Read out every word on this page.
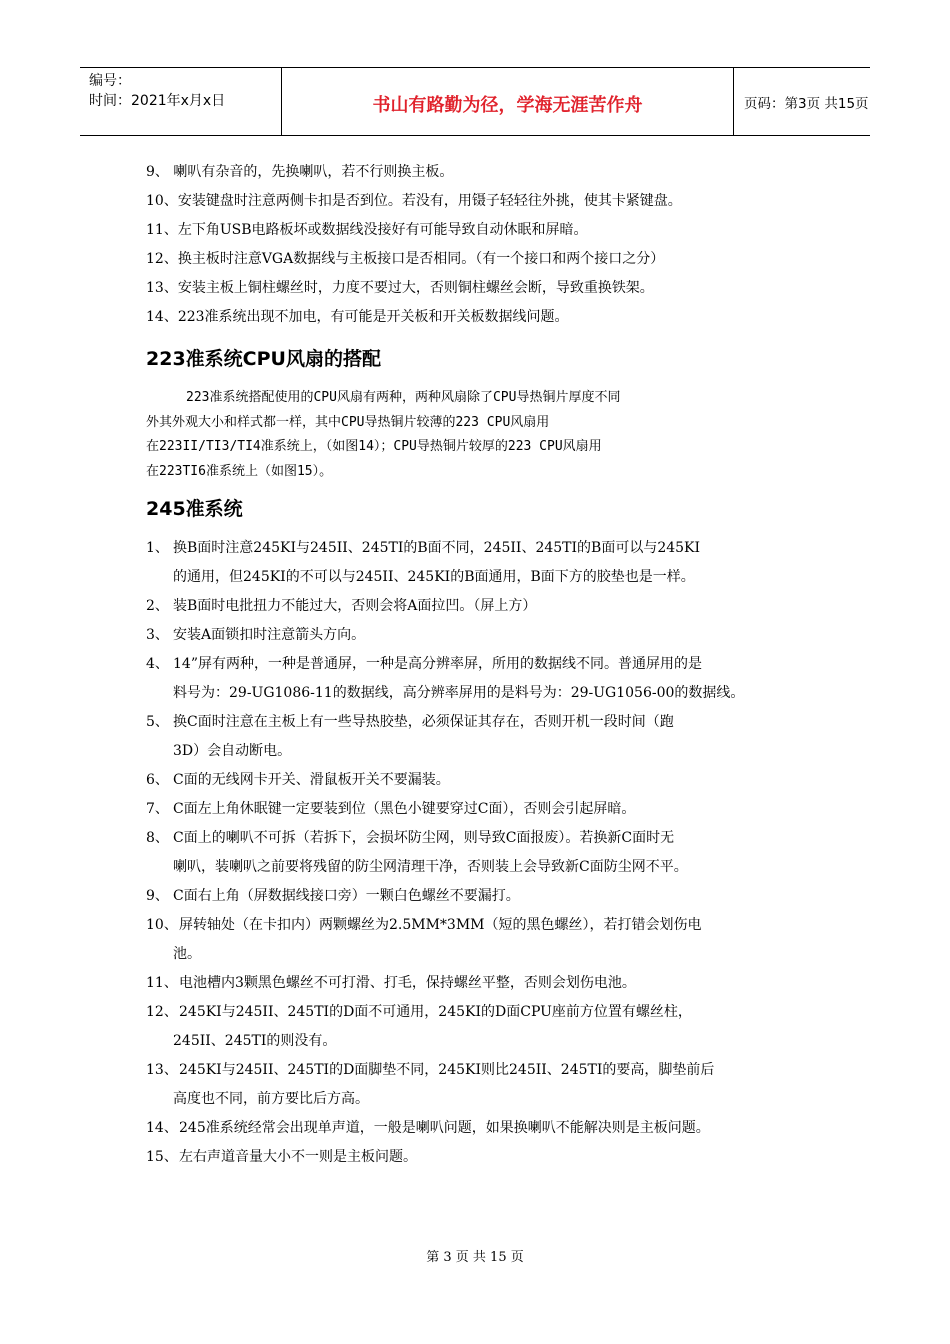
编号：
时间：2021年x月x日	书山有路勤为径，学海无涯苦作舟	页码：第3页 共15页
9、 喇叭有杂音的，先换喇叭，若不行则换主板。
10、安装键盘时注意两侧卡扣是否到位。若没有，用镊子轻轻往外挑，使其卡紧键盘。
11、左下角USB电路板坏或数据线没接好有可能导致自动休眠和屏暗。
12、换主板时注意VGA数据线与主板接口是否相同。（有一个接口和两个接口之分）
13、安装主板上铜柱螺丝时，力度不要过大，否则铜柱螺丝会断，导致重换铁架。
14、223准系统出现不加电，有可能是开关板和开关板数据线问题。
223准系统CPU风扇的搭配
223准系统搭配使用的CPU风扇有两种，两种风扇除了CPU导热铜片厚度不同
外其外观大小和样式都一样，其中CPU导热铜片较薄的223 CPU风扇用
在223II/TI3/TI4准系统上，（如图14）；CPU导热铜片较厚的223 CPU风扇用
在223TI6准系统上（如图15）。
245准系统
1、 换B面时注意245KI与245II、245TI的B面不同，245II、245TI的B面可以与245KI
的通用，但245KI的不可以与245II、245KI的B面通用，B面下方的胶垫也是一样。
2、 装B面时电批扭力不能过大，否则会将A面拉凹。（屏上方）
3、 安装A面锁扣时注意箭头方向。
4、 14”屏有两种，一种是普通屏，一种是高分辨率屏，所用的数据线不同。普通屏用的是
料号为：29-UG1086-11的数据线，高分辨率屏用的是料号为：29-UG1056-00的数据线。
5、 换C面时注意在主板上有一些导热胶垫，必须保证其存在，否则开机一段时间（跑
3D）会自动断电。
6、 C面的无线网卡开关、滑鼠板开关不要漏装。
7、 C面左上角休眠键一定要装到位（黑色小键要穿过C面），否则会引起屏暗。
8、 C面上的喇叭不可拆（若拆下，会损坏防尘网，则导致C面报废）。若换新C面时无
喇叭，装喇叭之前要将残留的防尘网清理干净，否则装上会导致新C面防尘网不平。
9、 C面右上角（屏数据线接口旁）一颗白色螺丝不要漏打。
10、屏转轴处（在卡扣内）两颗螺丝为2.5MM*3MM（短的黑色螺丝），若打错会划伤电
池。
11、电池槽内3颗黑色螺丝不可打滑、打毛，保持螺丝平整，否则会划伤电池。
12、245KI与245II、245TI的D面不可通用，245KI的D面CPU座前方位置有螺丝柱，
245II、245TI的则没有。
13、245KI与245II、245TI的D面脚垫不同，245KI则比245II、245TI的要高，脚垫前后
高度也不同，前方要比后方高。
14、245准系统经常会出现单声道，一般是喇叭问题，如果换喇叭不能解决则是主板问题。
15、左右声道音量大小不一则是主板问题。
第 3 页 共 15 页
